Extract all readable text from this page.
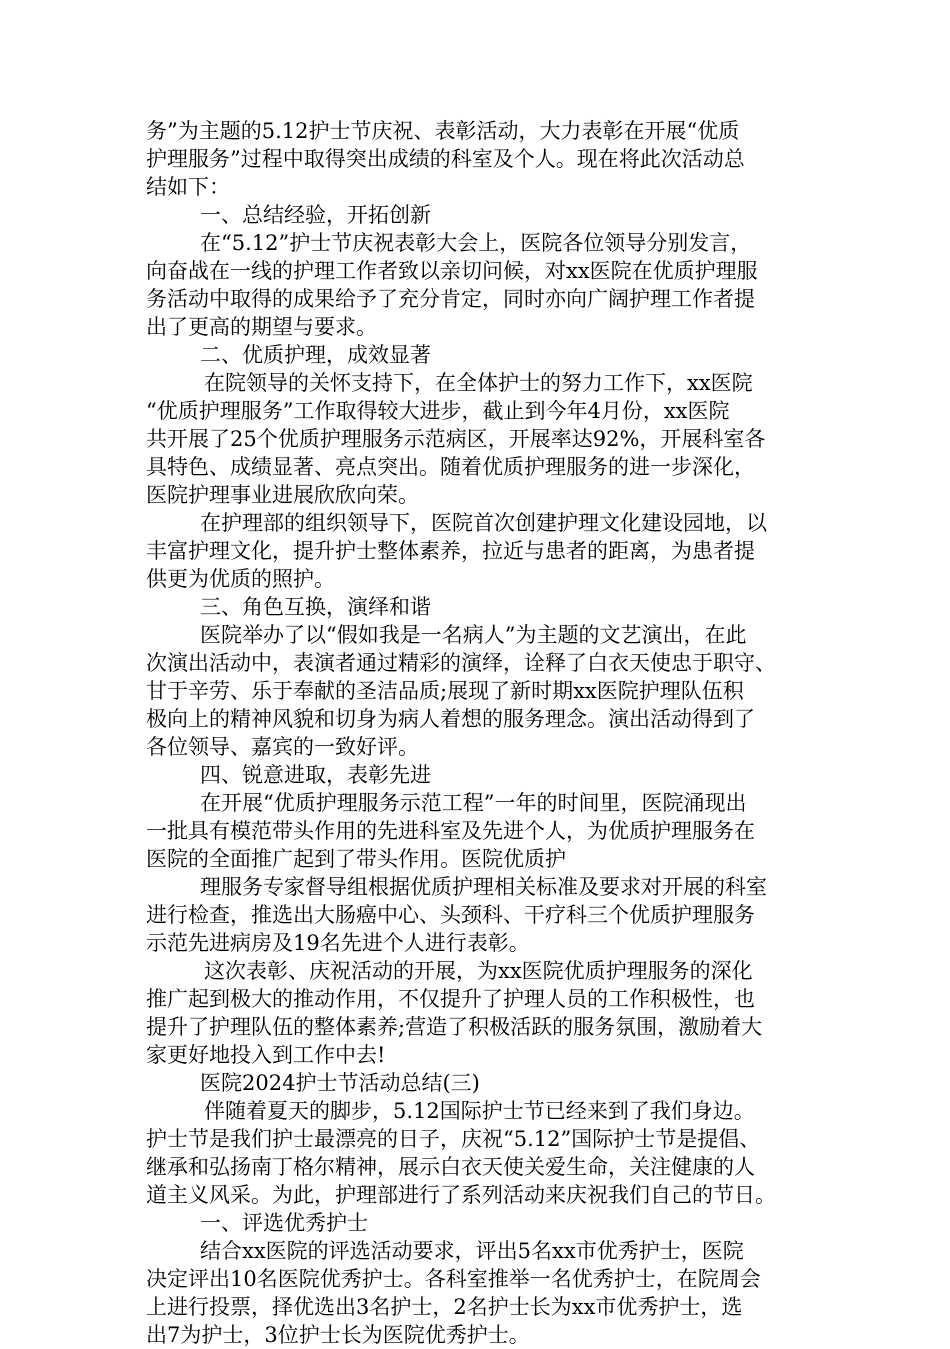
务”为主题的5.12护士节庆祝、表彰活动，大力表彰在开展“优质
护理服务”过程中取得突出成绩的科室及个人。现在将此次活动总
结如下：
一、总结经验，开拓创新
在“5.12”护士节庆祝表彰大会上，医院各位领导分别发言，
向奋战在一线的护理工作者致以亲切问候，对xx医院在优质护理服
务活动中取得的成果给予了充分肯定，同时亦向广阔护理工作者提
出了更高的期望与要求。
二、优质护理，成效显著
在院领导的关怀支持下，在全体护士的努力工作下，xx医院
“优质护理服务”工作取得较大进步，截止到今年4月份，xx医院
共开展了25个优质护理服务示范病区，开展率达92%，开展科室各
具特色、成绩显著、亮点突出。随着优质护理服务的进一步深化，
医院护理事业进展欣欣向荣。
在护理部的组织领导下，医院首次创建护理文化建设园地，以
丰富护理文化，提升护士整体素养，拉近与患者的距离，为患者提
供更为优质的照护。
三、角色互换，演绎和谐
医院举办了以“假如我是一名病人”为主题的文艺演出，在此
次演出活动中，表演者通过精彩的演绎，诠释了白衣天使忠于职守、
甘于辛劳、乐于奉献的圣洁品质;展现了新时期xx医院护理队伍积
极向上的精神风貌和切身为病人着想的服务理念。演出活动得到了
各位领导、嘉宾的一致好评。
四、锐意进取，表彰先进
在开展“优质护理服务示范工程”一年的时间里，医院涌现出
一批具有模范带头作用的先进科室及先进个人，为优质护理服务在
医院的全面推广起到了带头作用。医院优质护
理服务专家督导组根据优质护理相关标准及要求对开展的科室
进行检查，推选出大肠癌中心、头颈科、干疗科三个优质护理服务
示范先进病房及19名先进个人进行表彰。
这次表彰、庆祝活动的开展，为xx医院优质护理服务的深化
推广起到极大的推动作用，不仅提升了护理人员的工作积极性，也
提升了护理队伍的整体素养;营造了积极活跃的服务氛围，激励着大
家更好地投入到工作中去!
医院2024护士节活动总结(三)
伴随着夏天的脚步，5.12国际护士节已经来到了我们身边。
护士节是我们护士最漂亮的日子，庆祝“5.12”国际护士节是提倡、
继承和弘扬南丁格尔精神，展示白衣天使关爱生命，关注健康的人
道主义风采。为此，护理部进行了系列活动来庆祝我们自己的节日。
一、评选优秀护士
结合xx医院的评选活动要求，评出5名xx市优秀护士，医院
决定评出10名医院优秀护士。各科室推举一名优秀护士，在院周会
上进行投票，择优选出3名护士，2名护士长为xx市优秀护士，选
出7为护士，3位护士长为医院优秀护士。
